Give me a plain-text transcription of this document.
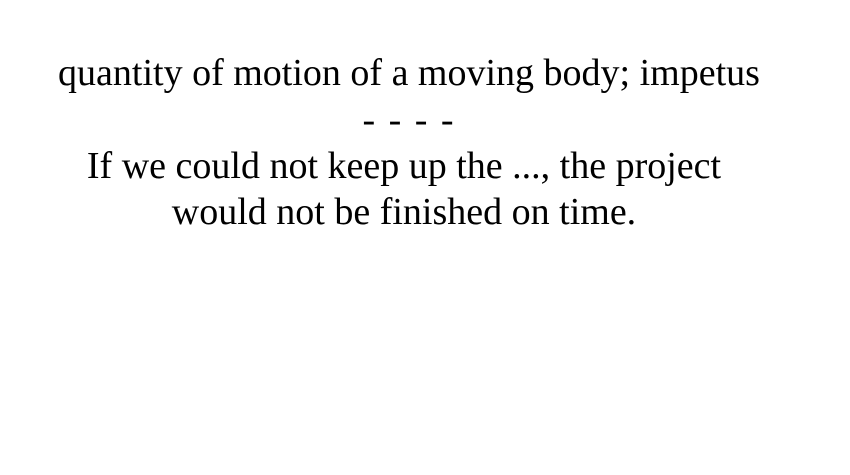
quantity of motion of a moving body; impetus
- - - -
If we could not keep up the ..., the project
would not be finished on time.
